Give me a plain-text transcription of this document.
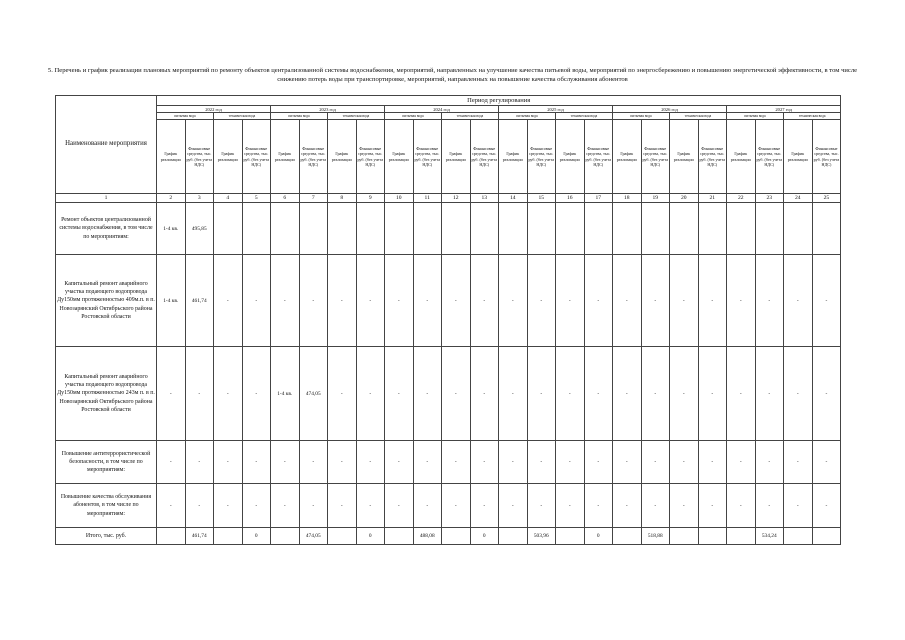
5. Перечень и график реализации плановых мероприятий по ремонту объектов централизованной системы водоснабжения, мероприятий, направленных на улучшение качества питьевой воды, мероприятий по энергосбережению и повышению энергетической эффективности, в том числе снижению потерь воды при транспортировке, мероприятий, направленных на повышение качества обслуживания абонентов
Наименование мероприятия	Период регулирования																							
	2022 год				2023 год				2024 год				2025 год				2026 год				2027 год			
	питьевая вода		техническая вода		питьевая вода		техническая вода		питьевая вода		техническая вода		питьевая вода		техническая вода		питьевая вода		техническая вода		питьевая вода		техническая вода	
	График реализации	Финансовые средства, тыс. руб. (без учета НДС)	График реализации	Финансовые средства, тыс. руб. (без учета НДС)	График реализации	Финансовые средства, тыс. руб. (без учета НДС)	График реализации	Финансовые средства, тыс. руб. (без учета НДС)	График реализации	Финансовые средства, тыс. руб. (без учета НДС)	График реализации	Финансовые средства, тыс. руб. (без учета НДС)	График реализации	Финансовые средства, тыс. руб. (без учета НДС)	График реализации	Финансовые средства, тыс. руб. (без учета НДС)	График реализации	Финансовые средства, тыс. руб. (без учета НДС)	График реализации	Финансовые средства, тыс. руб. (без учета НДС)	График реализации	Финансовые средства, тыс. руб. (без учета НДС)	График реализации	Финансовые средства, тыс. руб. (без учета НДС)
1	2	3	4	5	6	7	8	9	10	11	12	13	14	15	16	17	18	19	20	21	22	23	24	25
Ремонт объектов централизованной системы водоснабжения, в том числе по мероприятиям:	1-4 кв.	495,85																						
Капитальный ремонт аварийного участка подающего водопровода Ду150мм протяженностью 409м.п. в п. Новозарянский Октябрьского района Ростовской области	1-4 кв.	461,74	-	-	-	-	-	-	-	-	-	-	-	-	-	-	-	-	-	-	-	-	-	-
Капитальный ремонт аварийного участка подающего водопровода Ду150мм протяженностью 243м п. в п. Новозарянский Октябрьского района Ростовской области	-	-	-	-	1-4 кв.	474,05	-	-	-	-	-	-	-	-	-	-	-	-	-	-	-	-	-	-
Повышение антитеррористической безопасности, в том числе по мероприятиям:	-	-	-	-	-	-	-	-	-	-	-	-	-	-	-	-	-	-	-	-	-	-	-	-
Повышение качества обслуживания абонентов, в том числе по мероприятиям:	-	-	-	-	-	-	-	-	-	-	-	-	-	-	-	-	-	-	-	-	-	-	-	-
Итого, тыс. руб.		461,74		0		474,05		0		488,08		0		503,96		0		518,88				534,24		
